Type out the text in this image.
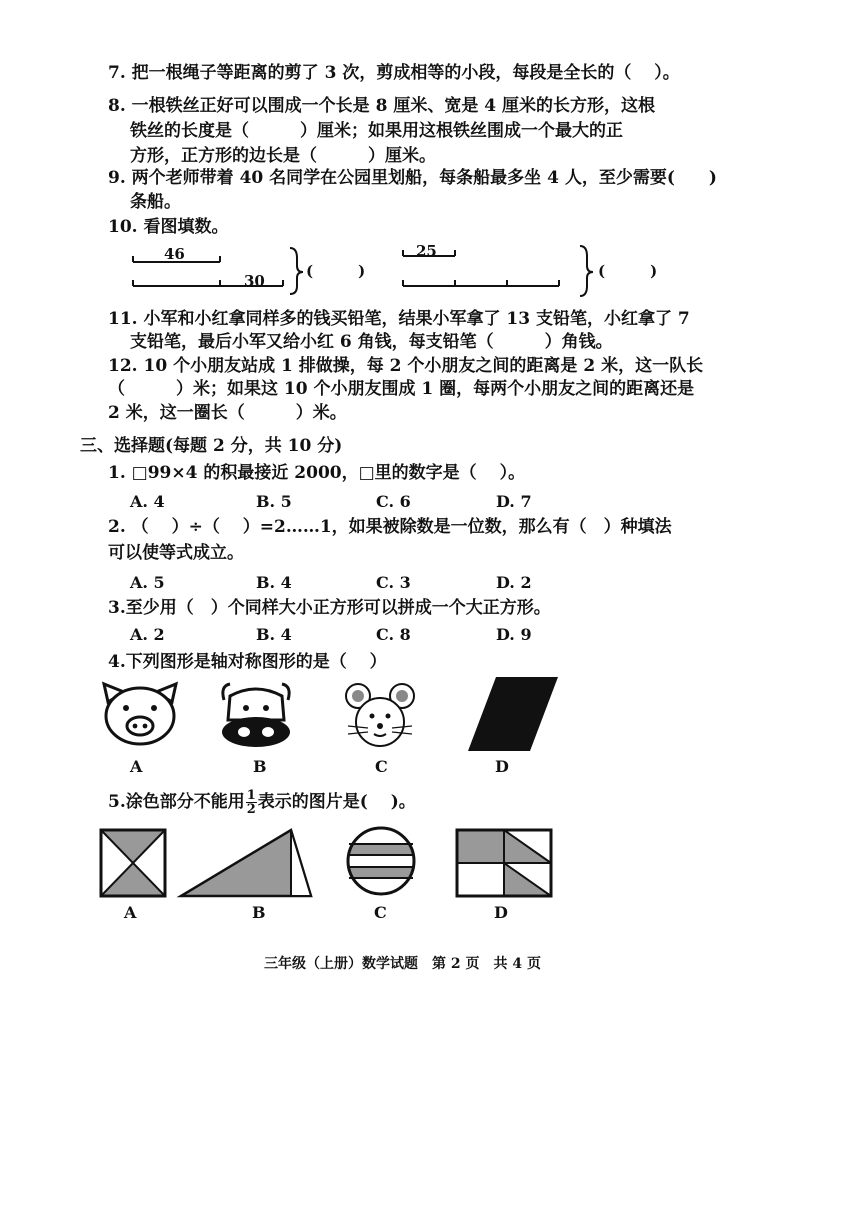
7. 把一根绳子等距离的剪了 3 次，剪成相等的小段，每段是全长的（　 ）。
8. 一根铁丝正好可以围成一个长是 8 厘米、宽是 4 厘米的长方形，这根
铁丝的长度是（　　　）厘米；如果用这根铁丝围成一个最大的正
方形，正方形的边长是（　　　）厘米。
9. 两个老师带着 40 名同学在公园里划船，每条船最多坐 4 人，至少需要(　　)
条船。
10. 看图填数。
46
30
(　　　)
25
(　　　)
11. 小军和小红拿同样多的钱买铅笔，结果小军拿了 13 支铅笔，小红拿了 7
支铅笔，最后小军又给小红 6 角钱，每支铅笔（　　　）角钱。
12. 10 个小朋友站成 1 排做操，每 2 个小朋友之间的距离是 2 米，这一队长
（　　　）米；如果这 10 个小朋友围成 1 圈，每两个小朋友之间的距离还是
2 米，这一圈长（　　　）米。
三、选择题(每题 2 分，共 10 分)
1. □99×4 的积最接近 2000，□里的数字是（　 ）。
A. 4	B. 5	C. 6	D. 7
2. （　 ）÷（　 ）=2……1，如果被除数是一位数，那么有（　）种填法
可以使等式成立。
A. 5	B. 4	C. 3	D. 2
3.至少用（　）个同样大小正方形可以拼成一个大正方形。
A. 2	B. 4	C. 8	D. 9
4.下列图形是轴对称图形的是（　 ）
A	B	C	D
5.涂色部分不能用 $\frac{1}{2}$ 表示的图片是(　 )。
A	B	C	D
三年级（上册）数学试题　第 2 页　共 4 页
